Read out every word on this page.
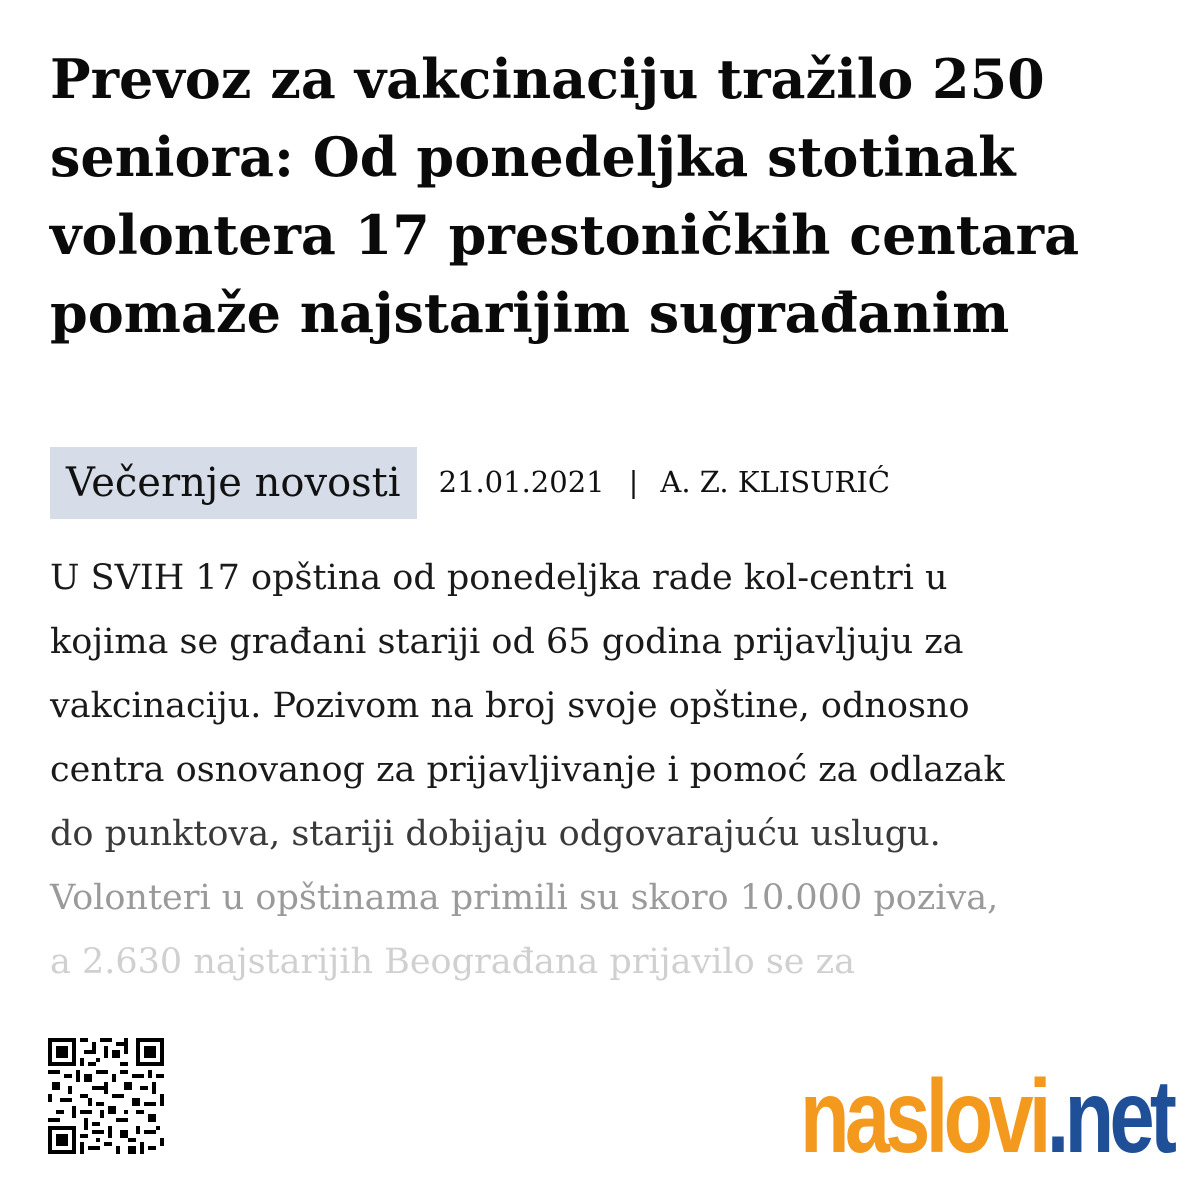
Prevoz za vakcinaciju tražilo 250 seniora: Od ponedeljka stotinak volontera 17 prestoničkih centara pomaže najstarijim sugrađanim
Večernje novosti	21.01.2021 | A. Z. KLISURIĆ
U SVIH 17 opština od ponedeljka rade kol-centri u
kojima se građani stariji od 65 godina prijavljuju za
vakcinaciju. Pozivom na broj svoje opštine, odnosno
centra osnovanog za prijavljivanje i pomoć za odlazak
do punktova, stariji dobijaju odgovarajuću uslugu.
Volonteri u opštinama primili su skoro 10.000 poziva,
a 2.630 najstarijih Beograđana prijavilo se za
naslovi .net
